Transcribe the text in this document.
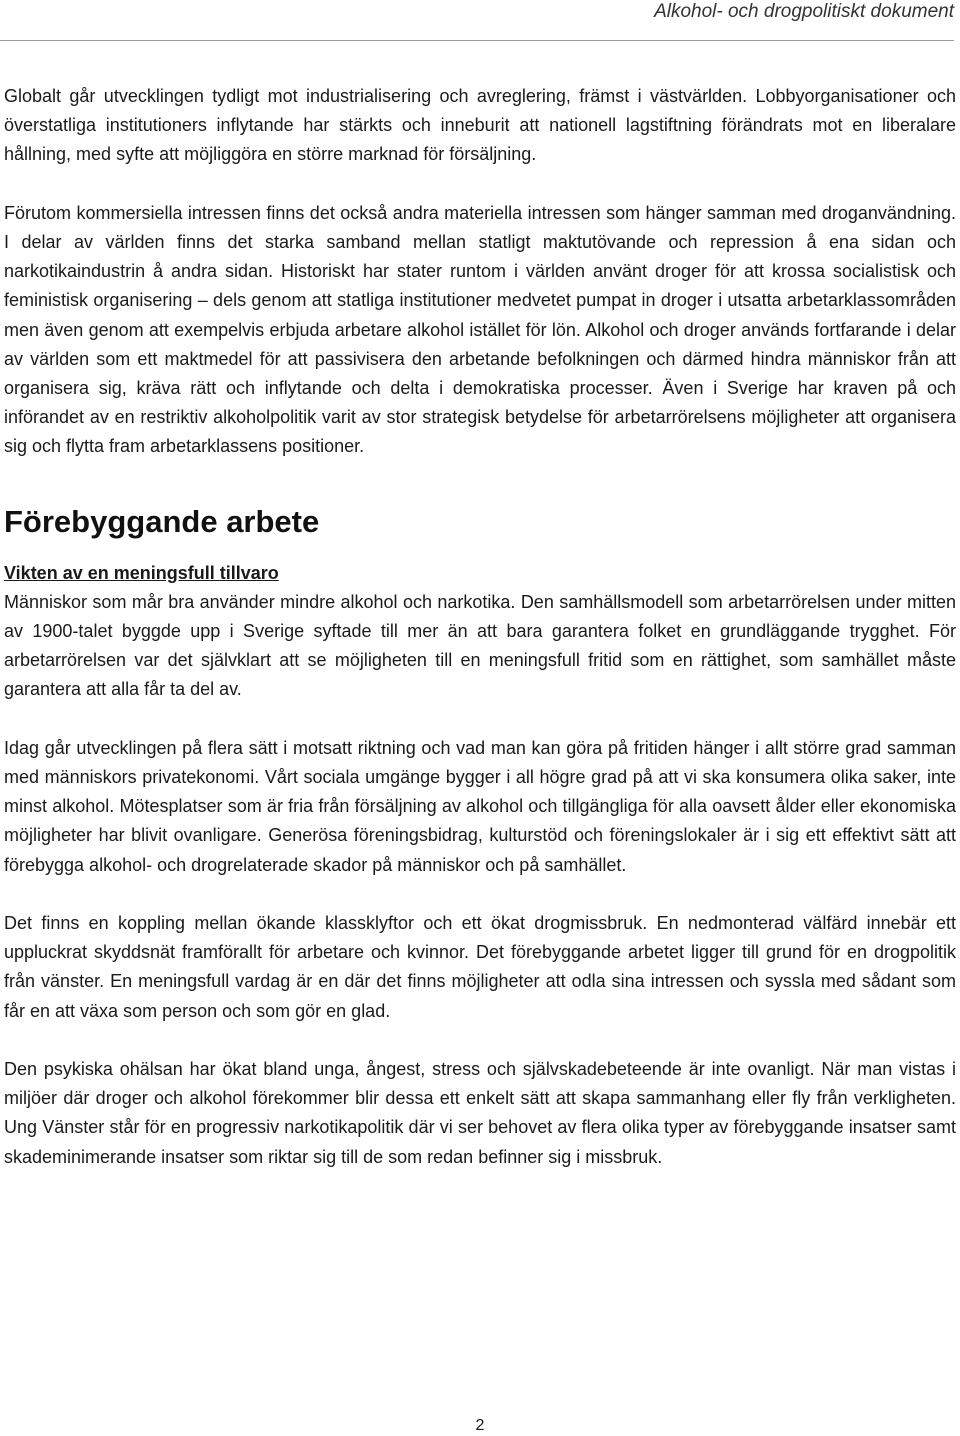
Alkohol- och drogpolitiskt dokument

Globalt går utvecklingen tydligt mot industrialisering och avreglering, främst i västvärlden. Lobbyorganisationer och överstatliga institutioners inflytande har stärkts och inneburit att nationell lagstiftning förändrats mot en liberalare hållning, med syfte att möjliggöra en större marknad för försäljning.

Förutom kommersiella intressen finns det också andra materiella intressen som hänger samman med droganvändning. I delar av världen finns det starka samband mellan statligt maktutövande och repression å ena sidan och narkotikaindustrin å andra sidan. Historiskt har stater runtom i världen använt droger för att krossa socialistisk och feministisk organisering – dels genom att statliga institutioner medvetet pumpat in droger i utsatta arbetarklassområden men även genom att exempelvis erbjuda arbetare alkohol istället för lön. Alkohol och droger används fortfarande i delar av världen som ett maktmedel för att passivisera den arbetande befolkningen och därmed hindra människor från att organisera sig, kräva rätt och inflytande och delta i demokratiska processer. Även i Sverige har kraven på och införandet av en restriktiv alkoholpolitik varit av stor strategisk betydelse för arbetarrörelsens möjligheter att organisera sig och flytta fram arbetarklassens positioner.

Förebyggande arbete
Vikten av en meningsfull tillvaro

Människor som mår bra använder mindre alkohol och narkotika. Den samhällsmodell som arbetarrörelsen under mitten av 1900-talet byggde upp i Sverige syftade till mer än att bara garantera folket en grundläggande trygghet. För arbetarrörelsen var det självklart att se möjligheten till en meningsfull fritid som en rättighet, som samhället måste garantera att alla får ta del av.

Idag går utvecklingen på flera sätt i motsatt riktning och vad man kan göra på fritiden hänger i allt större grad samman med människors privatekonomi. Vårt sociala umgänge bygger i all högre grad på att vi ska konsumera olika saker, inte minst alkohol. Mötesplatser som är fria från försäljning av alkohol och tillgängliga för alla oavsett ålder eller ekonomiska möjligheter har blivit ovanligare. Generösa föreningsbidrag, kulturstöd och föreningslokaler är i sig ett effektivt sätt att förebygga alkohol- och drogrelaterade skador på människor och på samhället.

Det finns en koppling mellan ökande klassklyftor och ett ökat drogmissbruk. En nedmonterad välfärd innebär ett uppluckrat skyddsnät framförallt för arbetare och kvinnor. Det förebyggande arbetet ligger till grund för en drogpolitik från vänster. En meningsfull vardag är en där det finns möjligheter att odla sina intressen och syssla med sådant som får en att växa som person och som gör en glad.

Den psykiska ohälsan har ökat bland unga, ångest, stress och självskadebeteende är inte ovanligt. När man vistas i miljöer där droger och alkohol förekommer blir dessa ett enkelt sätt att skapa sammanhang eller fly från verkligheten. Ung Vänster står för en progressiv narkotikapolitik där vi ser behovet av flera olika typer av förebyggande insatser samt skademinimerande insatser som riktar sig till de som redan befinner sig i missbruk.

2
